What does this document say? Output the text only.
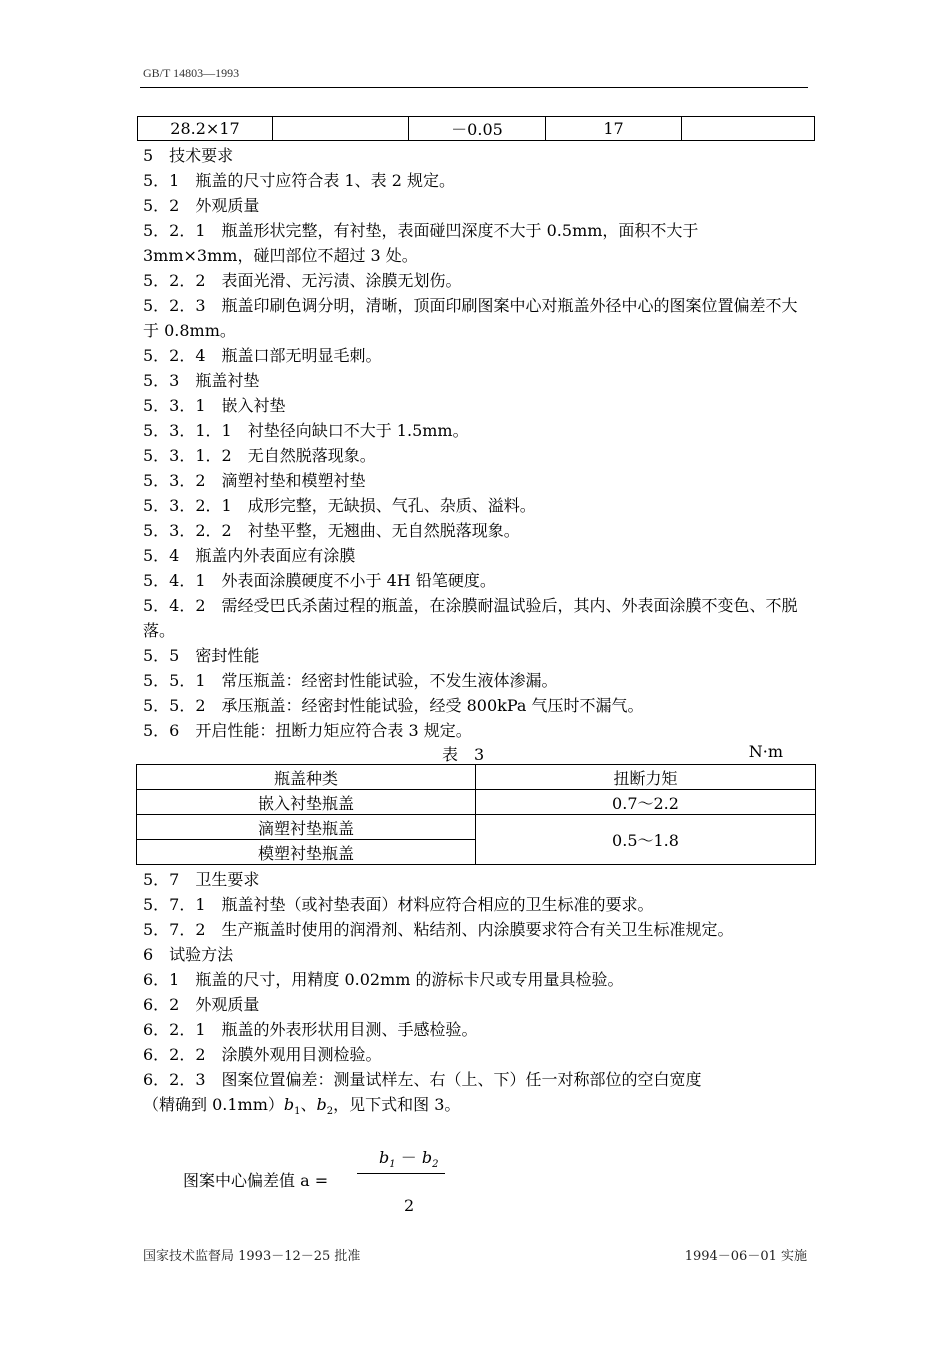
GB/T 14803—1993
28.2×17		－0.05	17	
5　技术要求
5．1　瓶盖的尺寸应符合表 1、表 2 规定。
5．2　外观质量
5．2．1　瓶盖形状完整，有衬垫，表面碰凹深度不大于 0.5mm，面积不大于 3mm×3mm，碰凹部位不超过 3 处。
5．2．2　表面光滑、无污渍、涂膜无划伤。
5．2．3　瓶盖印刷色调分明，清晰，顶面印刷图案中心对瓶盖外径中心的图案位置偏差不大于 0.8mm。
5．2．4　瓶盖口部无明显毛刺。
5．3　瓶盖衬垫
5．3．1　嵌入衬垫
5．3．1．1　衬垫径向缺口不大于 1.5mm。
5．3．1．2　无自然脱落现象。
5．3．2　滴塑衬垫和模塑衬垫
5．3．2．1　成形完整，无缺损、气孔、杂质、溢料。
5．3．2．2　衬垫平整，无翘曲、无自然脱落现象。
5．4　瓶盖内外表面应有涂膜
5．4．1　外表面涂膜硬度不小于 4H 铅笔硬度。
5．4．2　需经受巴氏杀菌过程的瓶盖，在涂膜耐温试验后，其内、外表面涂膜不变色、不脱落。
5．5　密封性能
5．5．1　常压瓶盖：经密封性能试验，不发生液体渗漏。
5．5．2　承压瓶盖：经密封性能试验，经受 800kPa 气压时不漏气。
5．6　开启性能：扭断力矩应符合表 3 规定。
表　3	N·m
瓶盖种类	扭断力矩
嵌入衬垫瓶盖	0.7～2.2
滴塑衬垫瓶盖	0.5～1.8
模塑衬垫瓶盖	
5．7　卫生要求
5．7．1　瓶盖衬垫（或衬垫表面）材料应符合相应的卫生标准的要求。
5．7．2　生产瓶盖时使用的润滑剂、粘结剂、内涂膜要求符合有关卫生标准规定。
6　试验方法
6．1　瓶盖的尺寸，用精度 0.02mm 的游标卡尺或专用量具检验。
6．2　外观质量
6．2．1　瓶盖的外表形状用目测、手感检验。
6．2．2　涂膜外观用目测检验。
6．2．3　图案位置偏差：测量试样左、右（上、下）任一对称部位的空白宽度
（精确到 $0.1mm)b_1$、$b_2$，见下式和图 3。
图案中心偏差值 a =
$b_1 - b_2$
2
国家技术监督局 1993－12－25 批准	1994－06－01 实施
